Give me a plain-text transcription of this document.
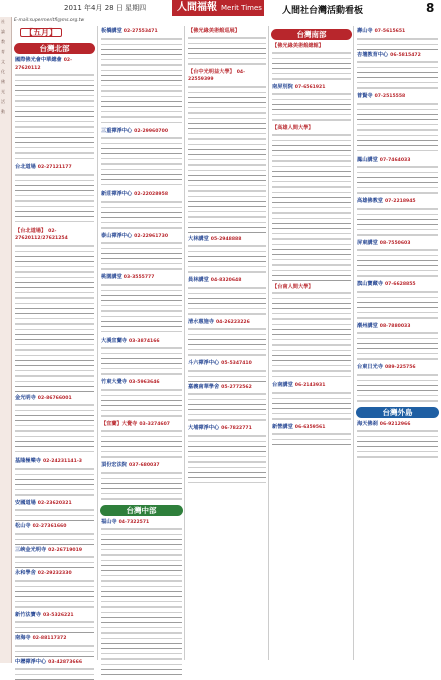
2011 年4月 28 日 星期四	人間福報 Merit Times 人間社台灣活動看板	8
社
論
教
育
文
化
佛
光
活
動
E-mail:supermeritfl@ms.org.tw
【五月】
台灣北部
國際佛光會中華總會 02-27620112
台北道場 02-27121177
【台北道場】 02-27620112/27621254
金光明寺 02-86766001
基隆極樂寺 02-24231141-3
安國道場 02-23620321
松山寺 02-27361660
三峽金光明寺 02-26719019
永和學舍 02-29232330
新竹法寶寺 03-5326221
南海寺 02-88117372
中壢禪淨中心 03-42873666
板橋講堂 02-27553471
三重禪淨中心 02-29960700
新莊禪淨中心 02-22028958
泰山禪淨中心 02-22961730
桃園講堂 03-3555777
大溪宜蘭寺 03-3874166
竹東大覺寺 03-5963646
【宜蘭】大覺寺 03-3274607
頂份宏法院 037-680037
台灣中部
福山寺 04-7322571
【佛光緣美術館巡展】
【台中光明益大學】 04-22559399
大林講堂 05-2948888
員林講堂 04-8320648
清水惠施寺 04-26223226
斗六禪淨中心 05-5347410
嘉義南華學舍 05-2772562
大埔禪淨中心 06-7822771
台灣南部
【佛光緣美術館總館】
南屏別院 07-6561921
【高雄人間大學】
【台南人間大學】
台南講堂 06-2143931
新營講堂 06-6359561
壽山寺 07-5615651
杏壇教育中心 06-5815472
普賢寺 07-2515558
鳳山講堂 07-7464033
高雄佛教堂 07-2218945
屏東講堂 08-7550603
旗山寶藏寺 07-6628855
潮州講堂 08-7880033
台東日光寺 089-225756
台灣外島
海天佛刹 06-9212966
